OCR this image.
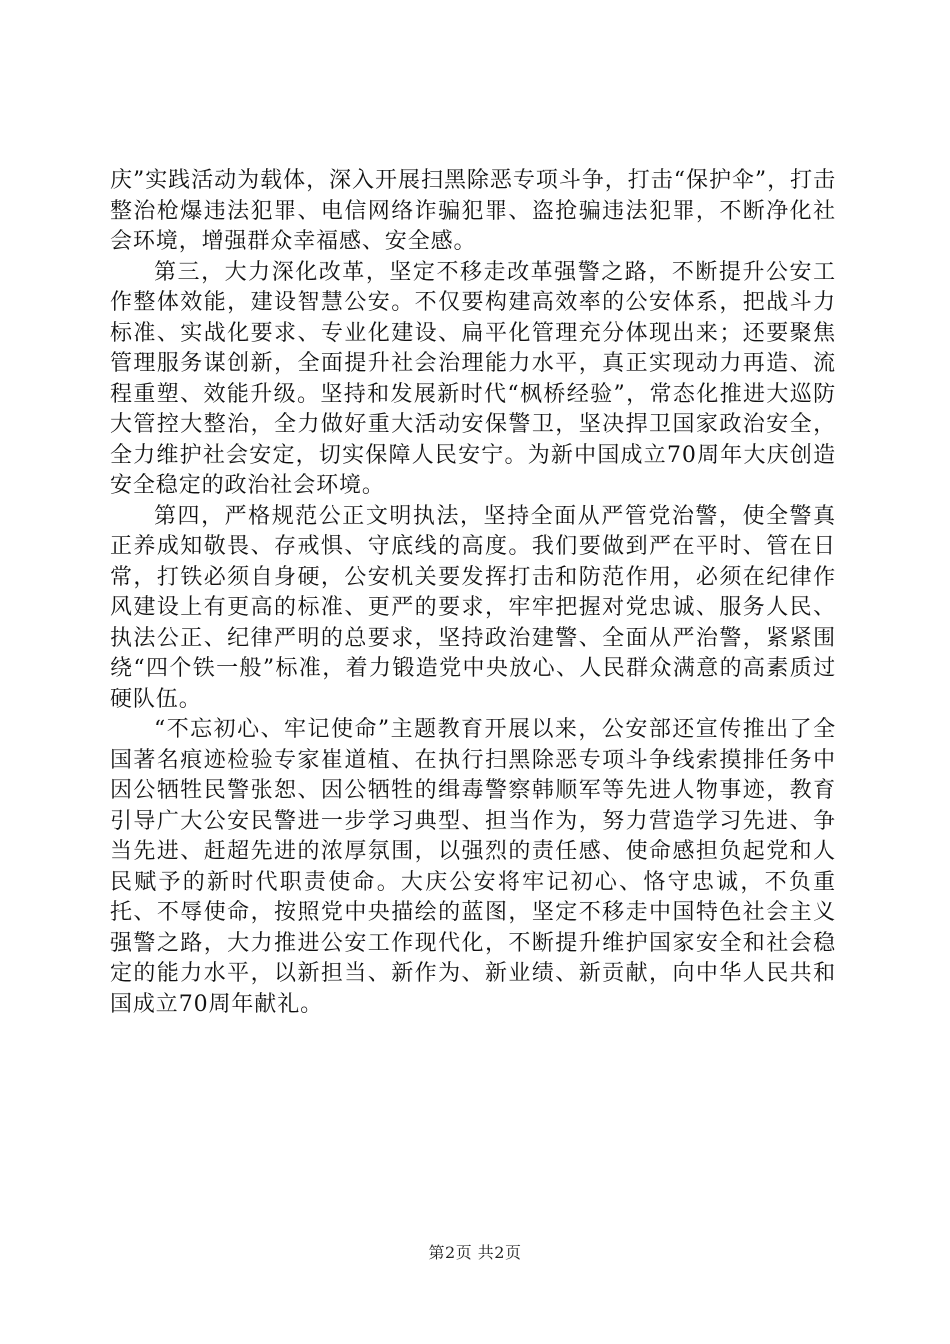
庆”实践活动为载体，深入开展扫黑除恶专项斗争，打击“保护伞”，打击整治枪爆违法犯罪、电信网络诈骗犯罪、盗抢骗违法犯罪，不断净化社会环境，增强群众幸福感、安全感。

第三，大力深化改革，坚定不移走改革强警之路，不断提升公安工作整体效能，建设智慧公安。不仅要构建高效率的公安体系，把战斗力标准、实战化要求、专业化建设、扁平化管理充分体现出来；还要聚焦管理服务谋创新，全面提升社会治理能力水平，真正实现动力再造、流程重塑、效能升级。坚持和发展新时代“枫桥经验”，常态化推进大巡防大管控大整治，全力做好重大活动安保警卫，坚决捍卫国家政治安全，全力维护社会安定，切实保障人民安宁。为新中国成立70周年大庆创造安全稳定的政治社会环境。

第四，严格规范公正文明执法，坚持全面从严管党治警，使全警真正养成知敬畏、存戒惧、守底线的高度。我们要做到严在平时、管在日常，打铁必须自身硬，公安机关要发挥打击和防范作用，必须在纪律作风建设上有更高的标准、更严的要求，牢牢把握对党忠诚、服务人民、执法公正、纪律严明的总要求，坚持政治建警、全面从严治警，紧紧围绕“四个铁一般”标准，着力锻造党中央放心、人民群众满意的高素质过硬队伍。

“不忘初心、牢记使命”主题教育开展以来，公安部还宣传推出了全国著名痕迹检验专家崔道植、在执行扫黑除恶专项斗争线索摸排任务中因公牺牲民警张恕、因公牺牲的缉毒警察韩顺军等先进人物事迹，教育引导广大公安民警进一步学习典型、担当作为，努力营造学习先进、争当先进、赶超先进的浓厚氛围，以强烈的责任感、使命感担负起党和人民赋予的新时代职责使命。大庆公安将牢记初心、恪守忠诚，不负重托、不辱使命，按照党中央描绘的蓝图，坚定不移走中国特色社会主义强警之路，大力推进公安工作现代化，不断提升维护国家安全和社会稳定的能力水平，以新担当、新作为、新业绩、新贡献，向中华人民共和国成立70周年献礼。

第2页 共2页
